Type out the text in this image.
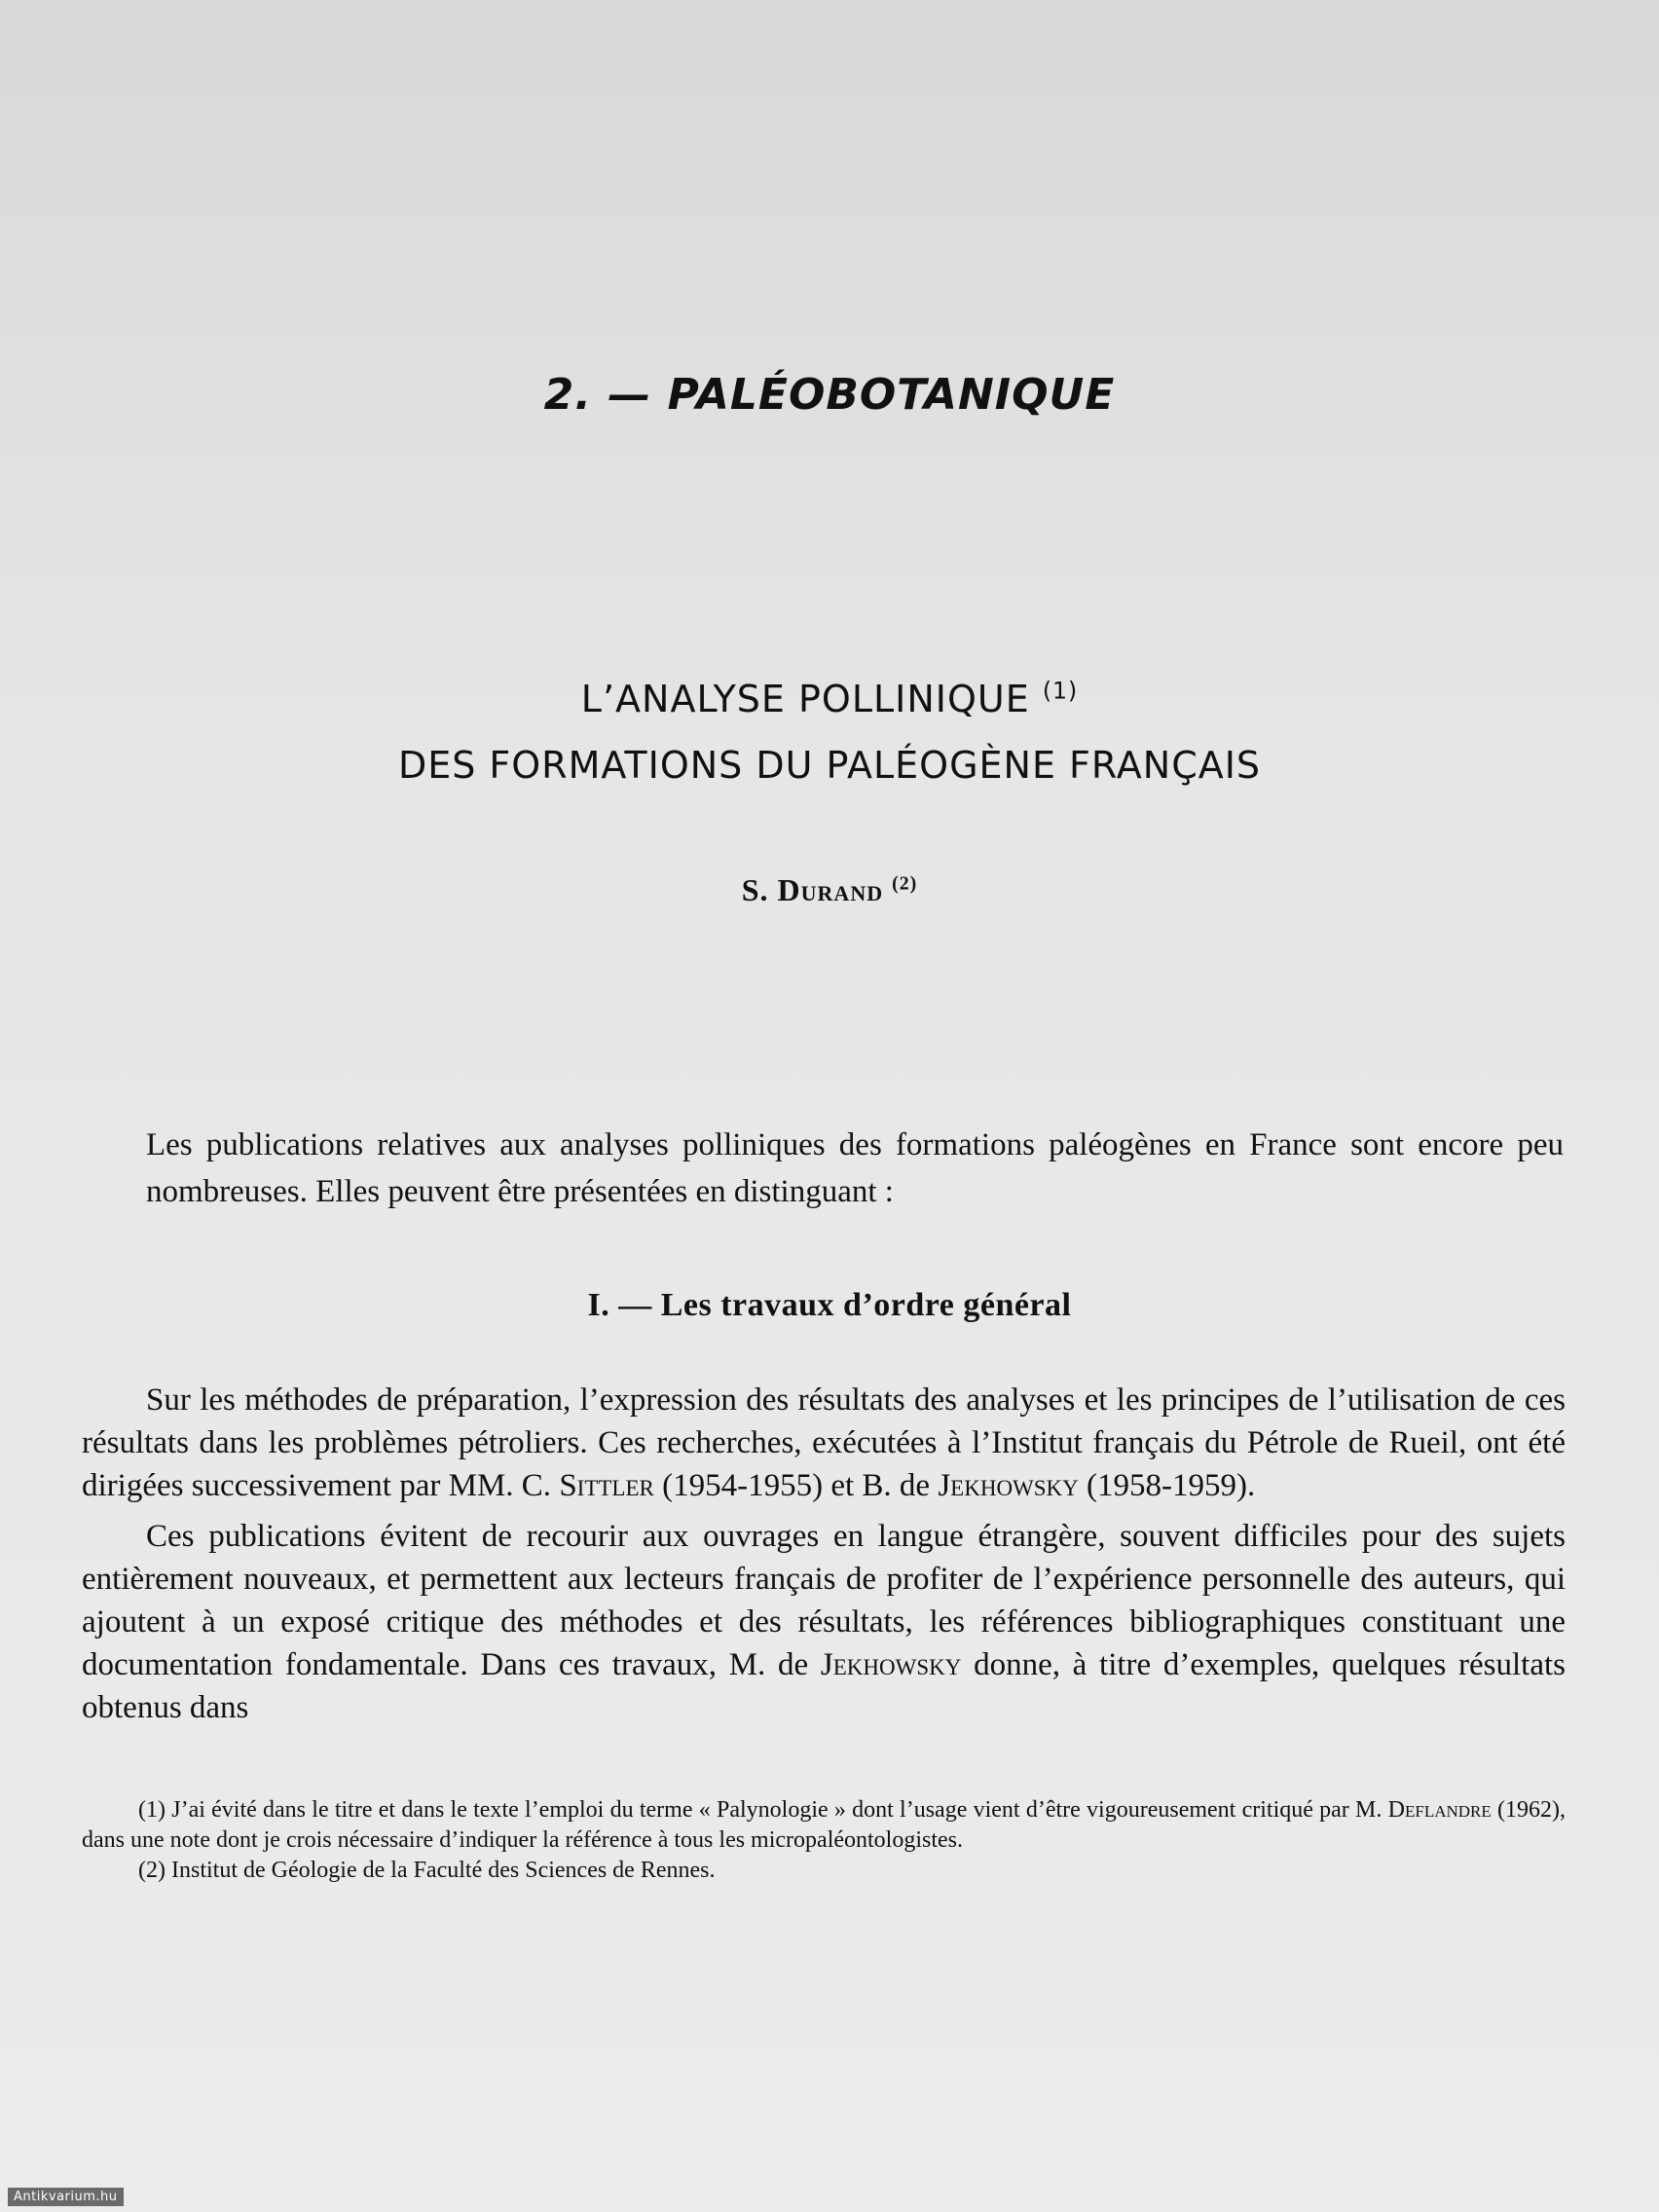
2. — PALÉOBOTANIQUE
L’ANALYSE POLLINIQUE $^{(1)}$
DES FORMATIONS DU PALÉOGÈNE FRANÇAIS
S. Durand $^{(2)}$
Les publications relatives aux analyses polliniques des formations paléogènes en France sont encore peu nombreuses. Elles peuvent être présentées en distinguant :
I. — Les travaux d’ordre général

Sur les méthodes de préparation, l’expression des résultats des analyses et les principes de l’utilisation de ces résultats dans les problèmes pétroliers. Ces recherches, exécutées à l’Institut français du Pétrole de Rueil, ont été dirigées successivement par MM. C. Sittler (1954-1955) et B. de Jekhowsky (1958-1959).

Ces publications évitent de recourir aux ouvrages en langue étrangère, souvent difficiles pour des sujets entièrement nouveaux, et permettent aux lecteurs français de profiter de l’expérience personnelle des auteurs, qui ajoutent à un exposé critique des méthodes et des résultats, les références bibliographiques constituant une documentation fondamentale. Dans ces travaux, M. de Jekhowsky donne, à titre d’exemples, quelques résultats obtenus dans

(1) J’ai évité dans le titre et dans le texte l’emploi du terme « Palynologie » dont l’usage vient d’être vigoureusement critiqué par M. Deflandre (1962), dans une note dont je crois nécessaire d’indiquer la référence à tous les micropaléontologistes.

(2) Institut de Géologie de la Faculté des Sciences de Rennes.

Antikvarium.hu
